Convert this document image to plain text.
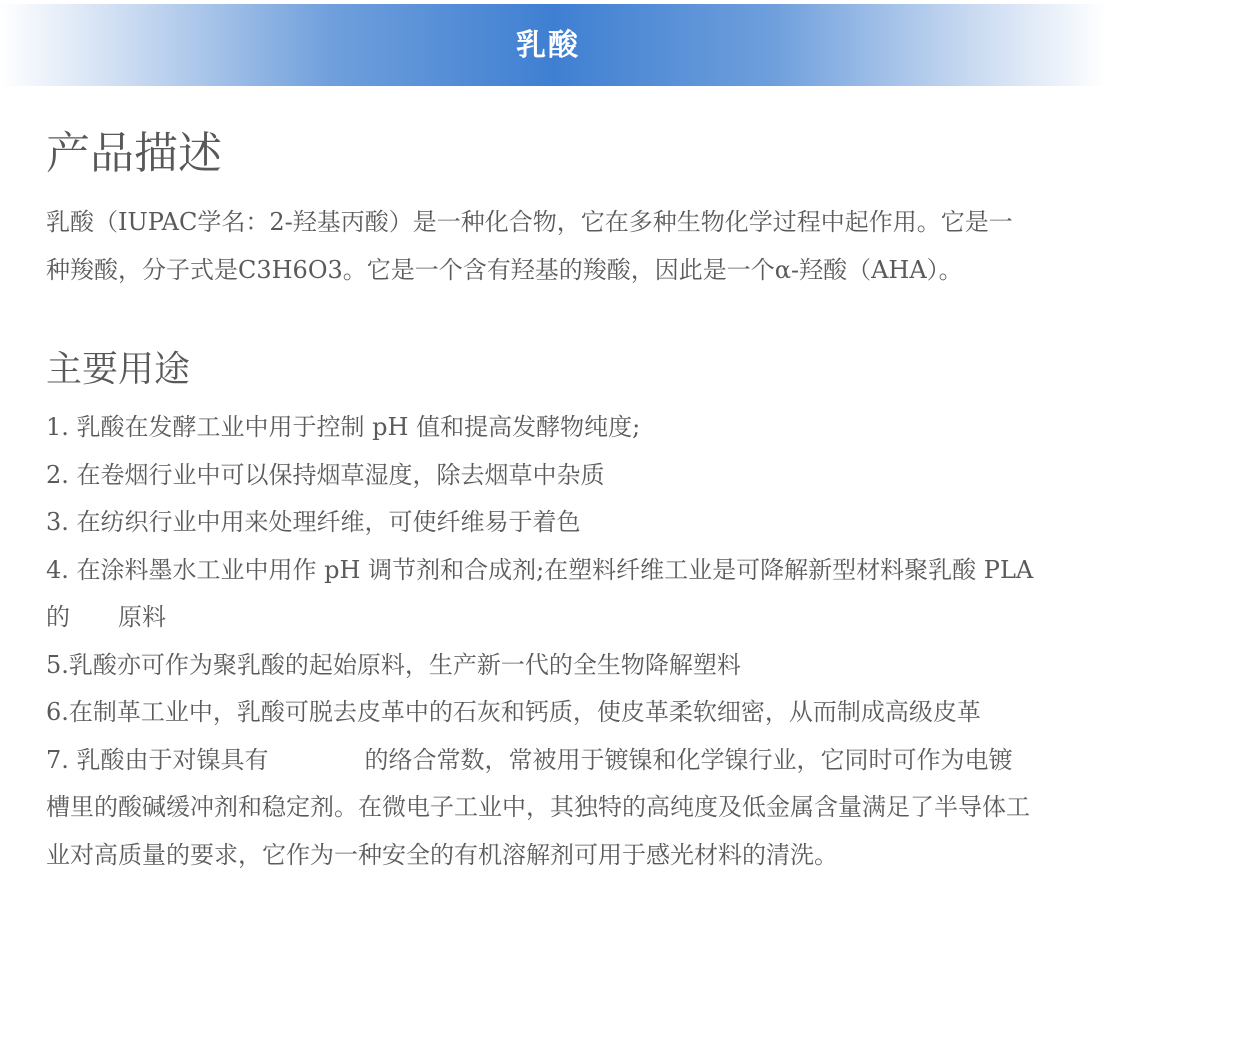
乳酸
产品描述

乳酸（IUPAC学名：2-羟基丙酸）是一种化合物，它在多种生物化学过程中起作用。它是一种羧酸，分子式是C3H6O3。它是一个含有羟基的羧酸，因此是一个α-羟酸（AHA）。

主要用途
1. 乳酸在发酵工业中用于控制 pH 值和提高发酵物纯度;
2. 在卷烟行业中可以保持烟草湿度，除去烟草中杂质
3. 在纺织行业中用来处理纤维，可使纤维易于着色
4. 在涂料墨水工业中用作 pH 调节剂和合成剂;在塑料纤维工业是可降解新型材料聚乳酸 PLA 的　　原料
5.乳酸亦可作为聚乳酸的起始原料，生产新一代的全生物降解塑料
6.在制革工业中，乳酸可脱去皮革中的石灰和钙质，使皮革柔软细密，从而制成高级皮革
7. 乳酸由于对镍具有　　　　的络合常数，常被用于镀镍和化学镍行业，它同时可作为电镀槽里的酸碱缓冲剂和稳定剂。在微电子工业中，其独特的高纯度及低金属含量满足了半导体工业对高质量的要求，它作为一种安全的有机溶解剂可用于感光材料的清洗。
